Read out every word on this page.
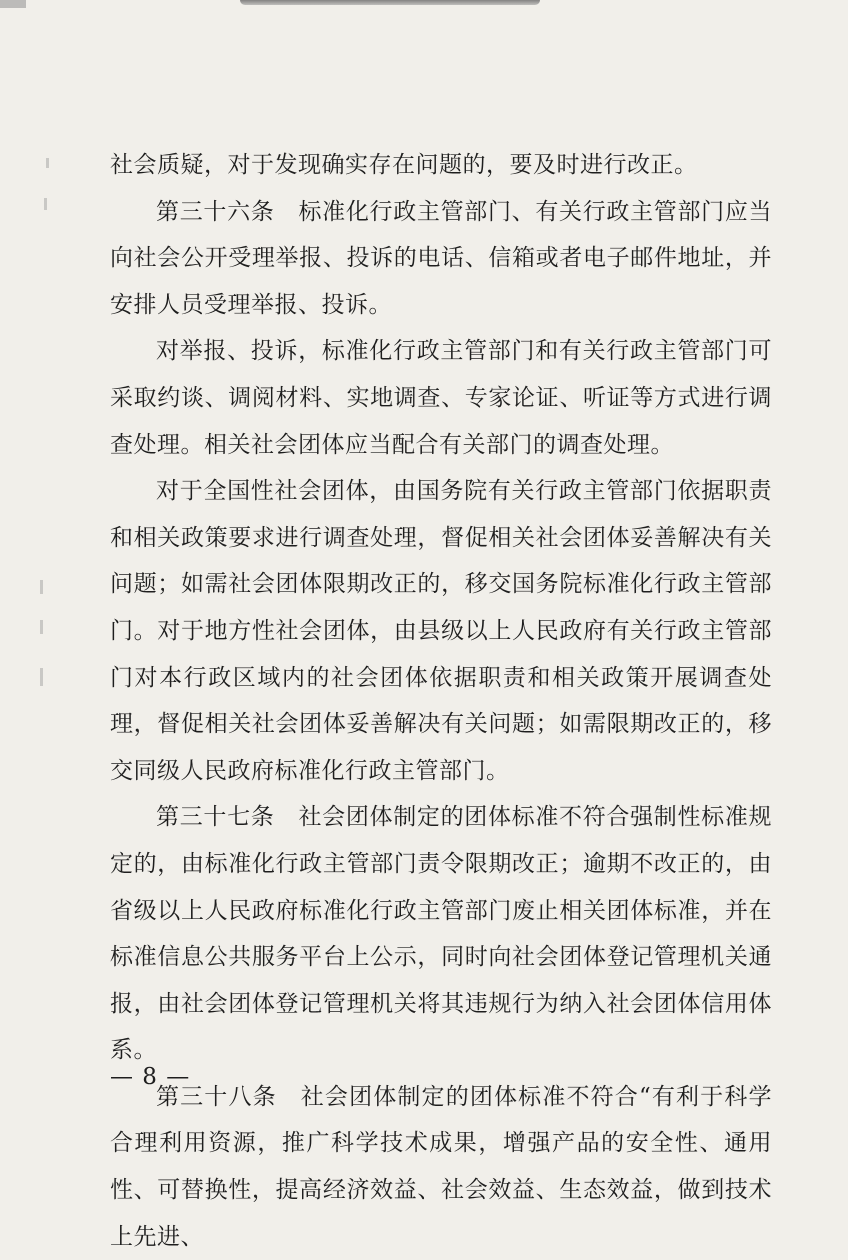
社会质疑，对于发现确实存在问题的，要及时进行改正。

第三十六条 标准化行政主管部门、有关行政主管部门应当向社会公开受理举报、投诉的电话、信箱或者电子邮件地址，并安排人员受理举报、投诉。

对举报、投诉，标准化行政主管部门和有关行政主管部门可采取约谈、调阅材料、实地调查、专家论证、听证等方式进行调查处理。相关社会团体应当配合有关部门的调查处理。

对于全国性社会团体，由国务院有关行政主管部门依据职责和相关政策要求进行调查处理，督促相关社会团体妥善解决有关问题；如需社会团体限期改正的，移交国务院标准化行政主管部门。对于地方性社会团体，由县级以上人民政府有关行政主管部门对本行政区域内的社会团体依据职责和相关政策开展调查处理，督促相关社会团体妥善解决有关问题；如需限期改正的，移交同级人民政府标准化行政主管部门。

第三十七条 社会团体制定的团体标准不符合强制性标准规定的，由标准化行政主管部门责令限期改正；逾期不改正的，由省级以上人民政府标准化行政主管部门废止相关团体标准，并在标准信息公共服务平台上公示，同时向社会团体登记管理机关通报，由社会团体登记管理机关将其违规行为纳入社会团体信用体系。

第三十八条 社会团体制定的团体标准不符合“有利于科学合理利用资源，推广科学技术成果，增强产品的安全性、通用性、可替换性，提高经济效益、社会效益、生态效益，做到技术上先进、

— 8 —
